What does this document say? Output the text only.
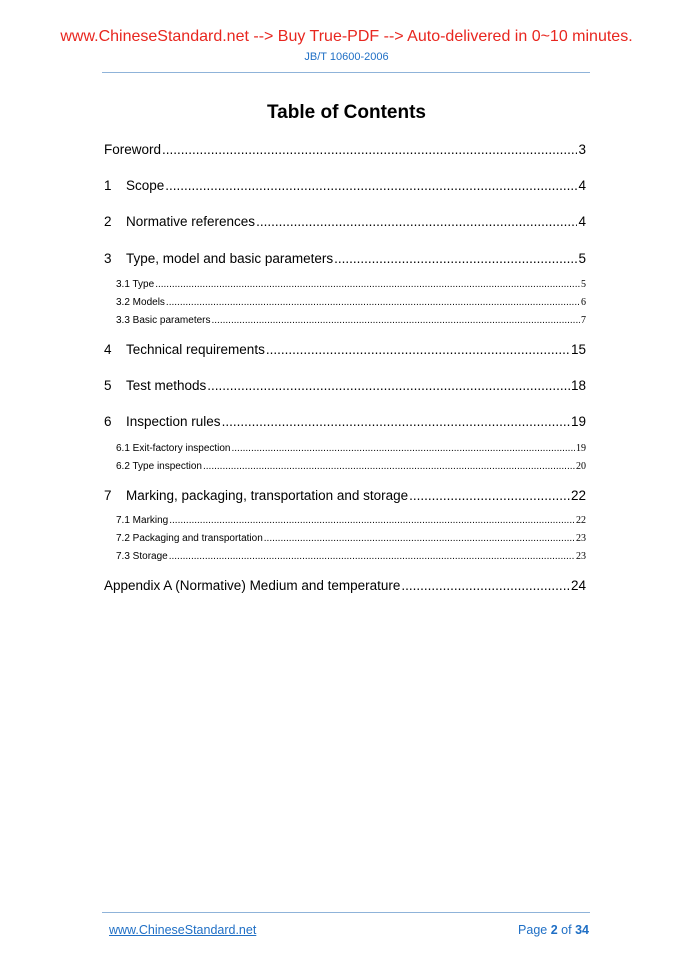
www.ChineseStandard.net --> Buy True-PDF --> Auto-delivered in 0~10 minutes.
JB/T 10600-2006
Table of Contents
Foreword .....	3
1	Scope .....	4
2	Normative references .....	4
3	Type, model and basic parameters .....	5
3.1 Type .....	5
3.2 Models .....	6
3.3 Basic parameters .....	7
4	Technical requirements .....	15
5	Test methods .....	18
6	Inspection rules .....	19
6.1 Exit-factory inspection .....	19
6.2 Type inspection .....	20
7	Marking, packaging, transportation and storage .....	22
7.1 Marking .....	22
7.2 Packaging and transportation .....	23
7.3 Storage .....	23
Appendix A (Normative) Medium and temperature .....	24
www.ChineseStandard.net	Page 2 of 34
